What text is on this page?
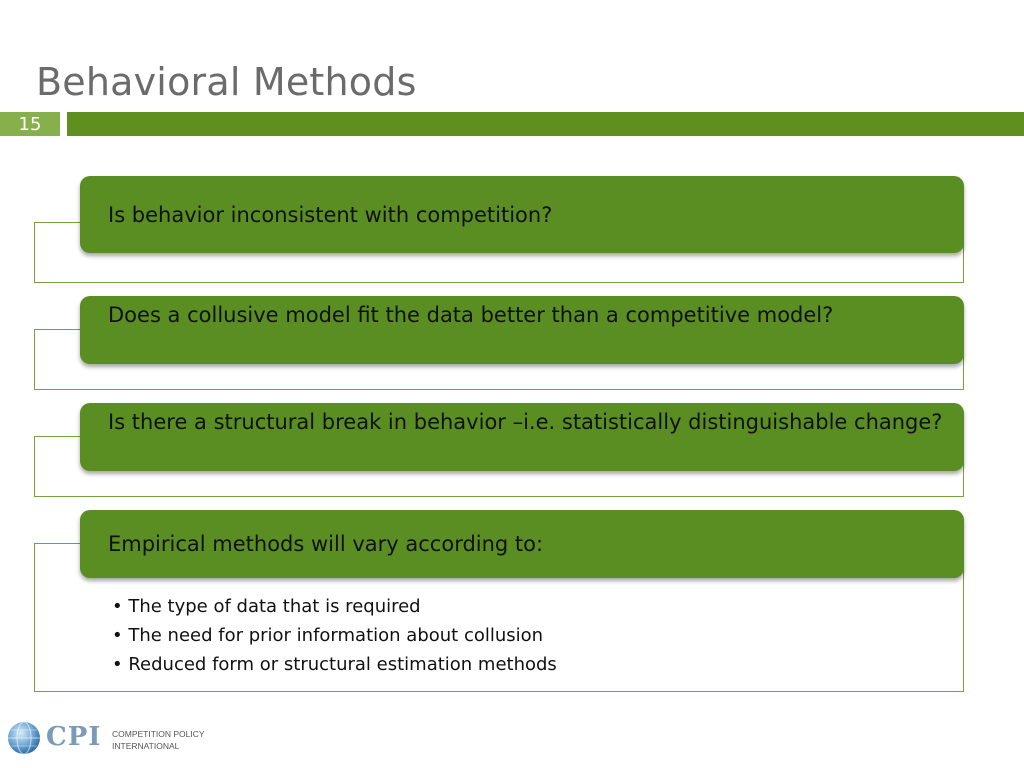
Behavioral Methods
15
Is behavior inconsistent with competition?
Does a collusive model fit the data better than a competitive model?
Is there a structural break in behavior –i.e. statistically distinguishable change?
Empirical methods will vary according to:
• The type of data that is required
• The need for prior information about collusion
• Reduced form or structural estimation methods
CPI COMPETITION POLICY
INTERNATIONAL
